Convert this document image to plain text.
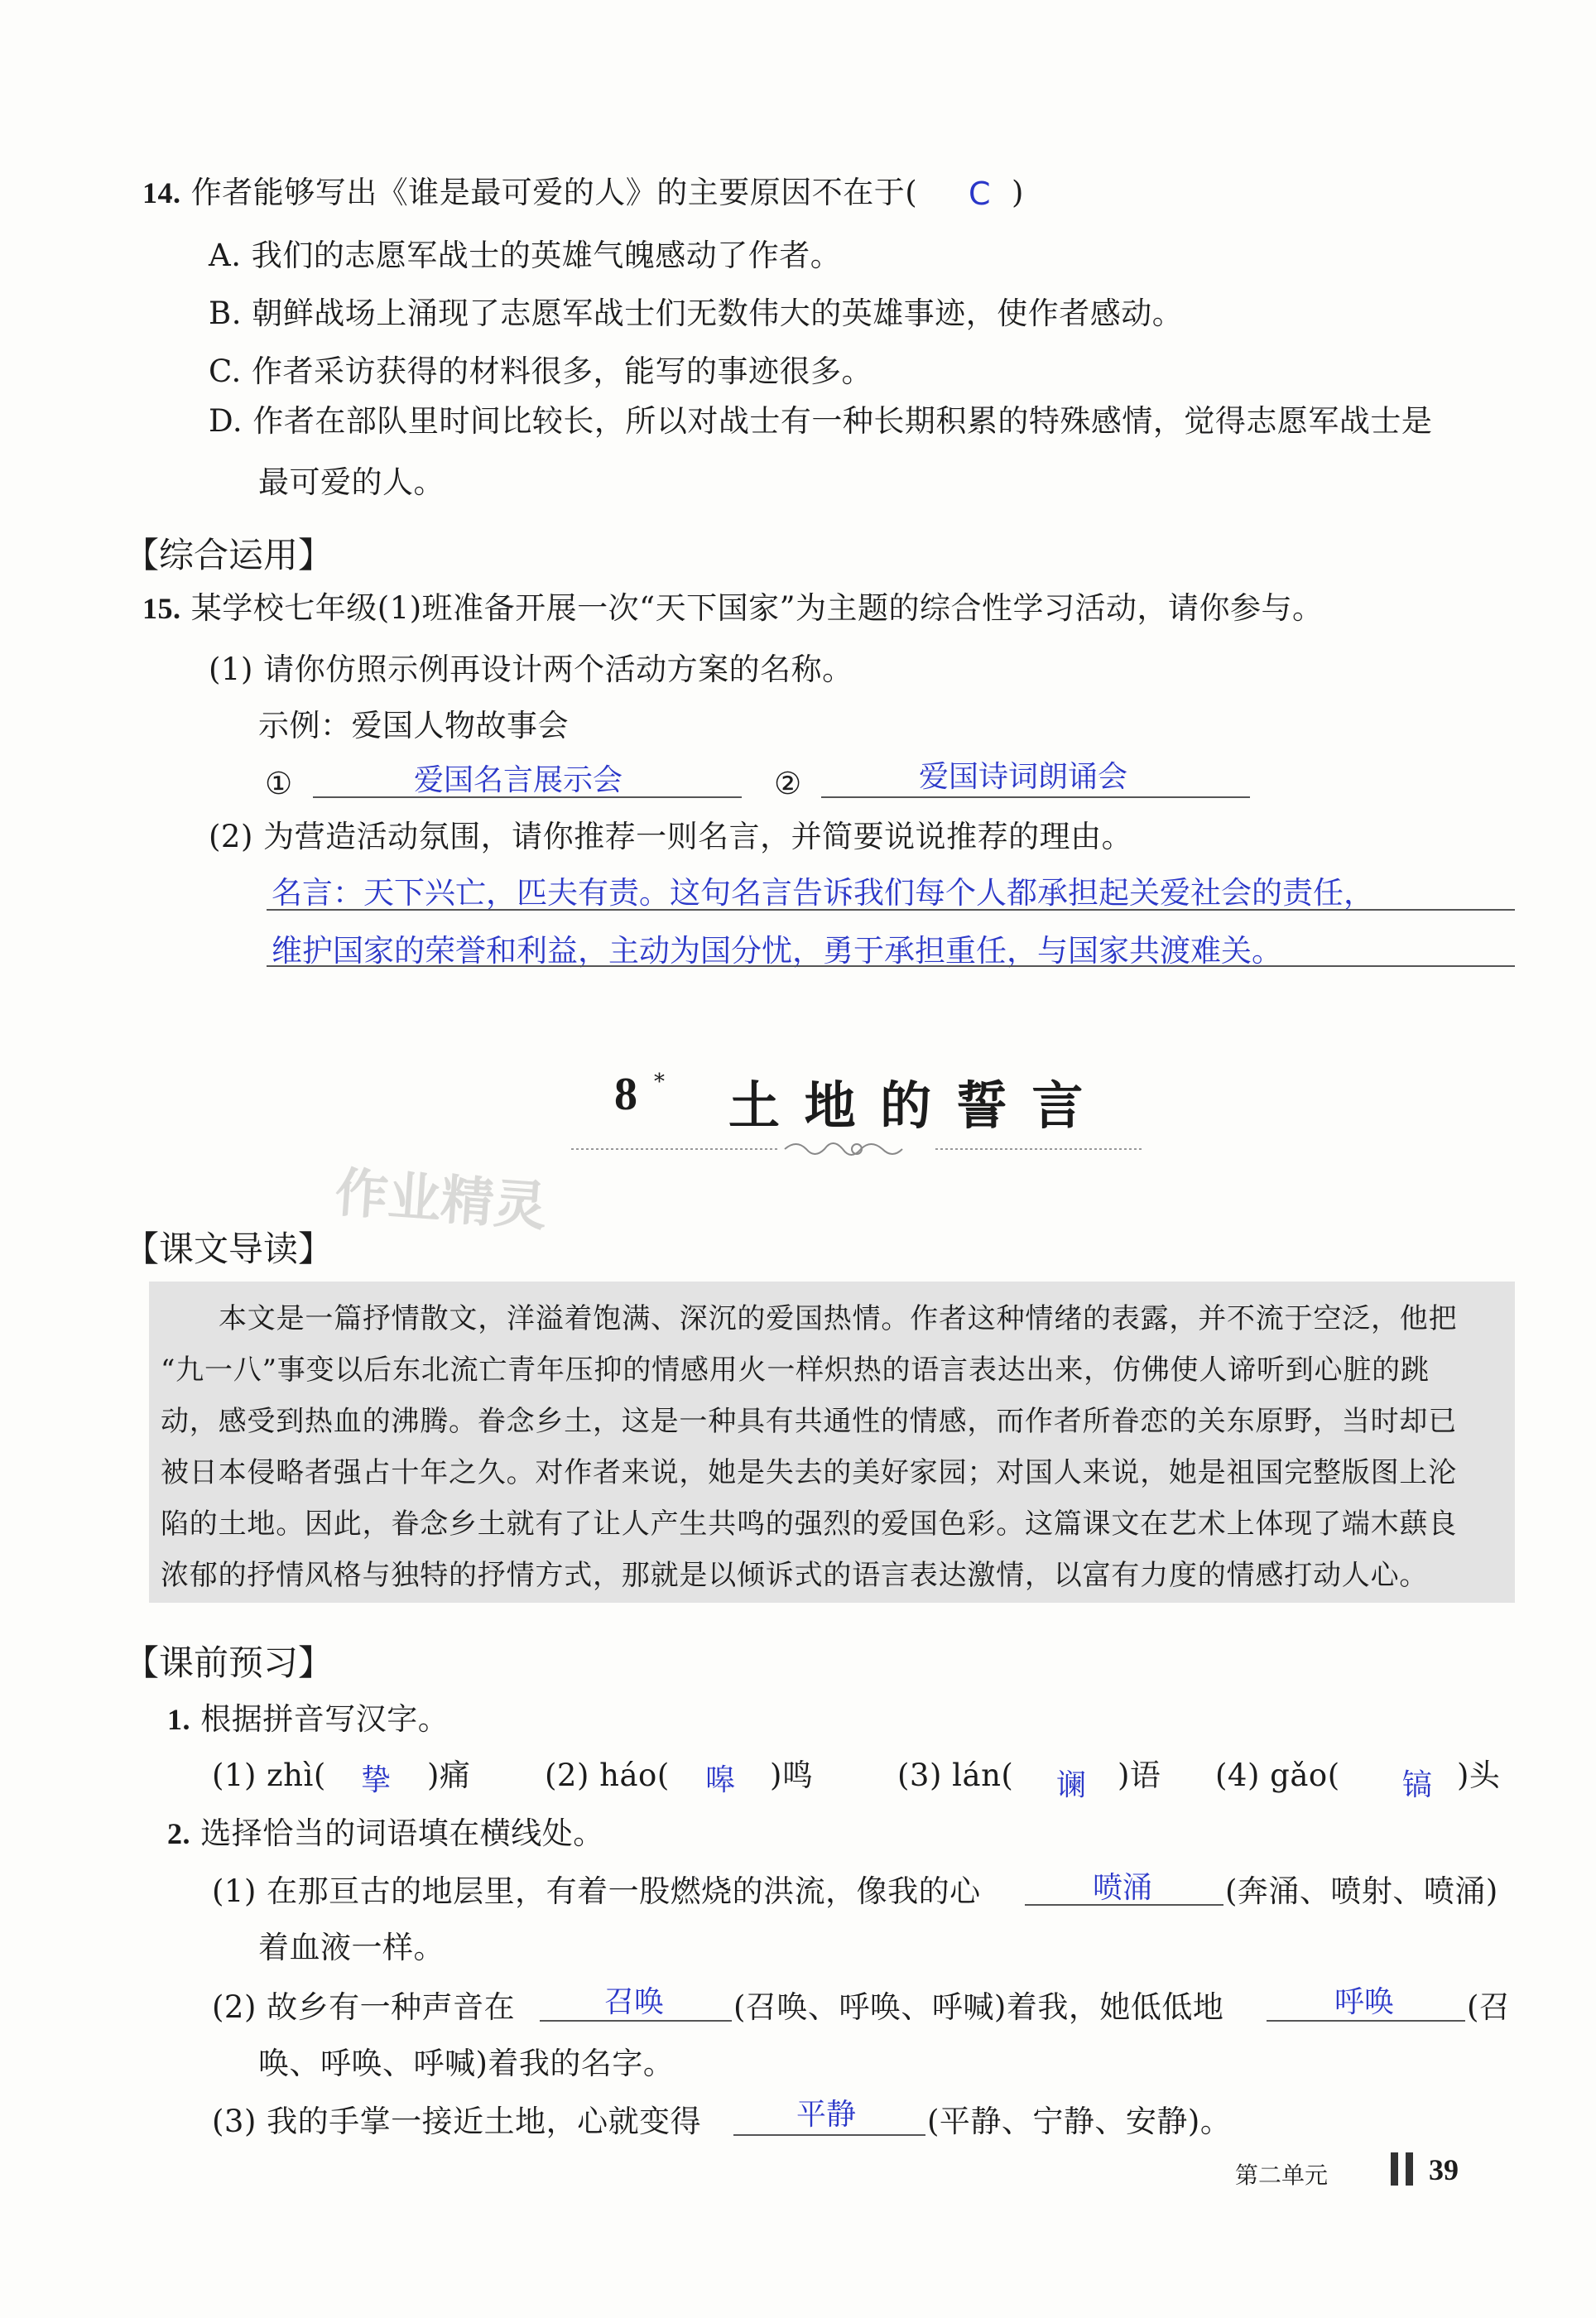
14. 作者能够写出《谁是最可爱的人》的主要原因不在于( C )
A. 我们的志愿军战士的英雄气魄感动了作者。
B. 朝鲜战场上涌现了志愿军战士们无数伟大的英雄事迹，使作者感动。
C. 作者采访获得的材料很多，能写的事迹很多。
D. 作者在部队里时间比较长，所以对战士有一种长期积累的特殊感情，觉得志愿军战士是
最可爱的人。
【综合运用】
15. 某学校七年级(1)班准备开展一次“天下国家”为主题的综合性学习活动，请你参与。
(1) 请你仿照示例再设计两个活动方案的名称。
示例：爱国人物故事会
①	爱国名言展示会	②	爱国诗词朗诵会
(2) 为营造活动氛围，请你推荐一则名言，并简要说说推荐的理由。
名言：天下兴亡，匹夫有责。这句名言告诉我们每个人都承担起关爱社会的责任，
维护国家的荣誉和利益，主动为国分忧，勇于承担重任，与国家共渡难关。
8 * 土 地 的 誓 言
作业精灵
【课文导读】
本文是一篇抒情散文，洋溢着饱满、深沉的爱国热情。作者这种情绪的表露，并不流于空泛，他把
“九一八”事变以后东北流亡青年压抑的情感用火一样炽热的语言表达出来，仿佛使人谛听到心脏的跳
动，感受到热血的沸腾。眷念乡土，这是一种具有共通性的情感，而作者所眷恋的关东原野，当时却已
被日本侵略者强占十年之久。对作者来说，她是失去的美好家园；对国人来说，她是祖国完整版图上沦
陷的土地。因此，眷念乡土就有了让人产生共鸣的强烈的爱国色彩。这篇课文在艺术上体现了端木蕻良
浓郁的抒情风格与独特的抒情方式，那就是以倾诉式的语言表达激情，以富有力度的情感打动人心。
【课前预习】
1. 根据拼音写汉字。
(1) zhì( 挚 )痛 (2) háo( 嗥 )鸣	(3) lán( 谰 )语 (4) gǎo( 镐 )头
2. 选择恰当的词语填在横线处。
(1) 在那亘古的地层里，有着一股燃烧的洪流，像我的心	喷涌 (奔涌、喷射、喷涌)
着血液一样。
(2) 故乡有一种声音在	召唤 (召唤、呼唤、呼喊)着我，她低低地	呼唤 (召
唤、呼唤、呼喊)着我的名字。
(3) 我的手掌一接近土地，心就变得	平静 (平静、宁静、安静)。
第二单元	39
